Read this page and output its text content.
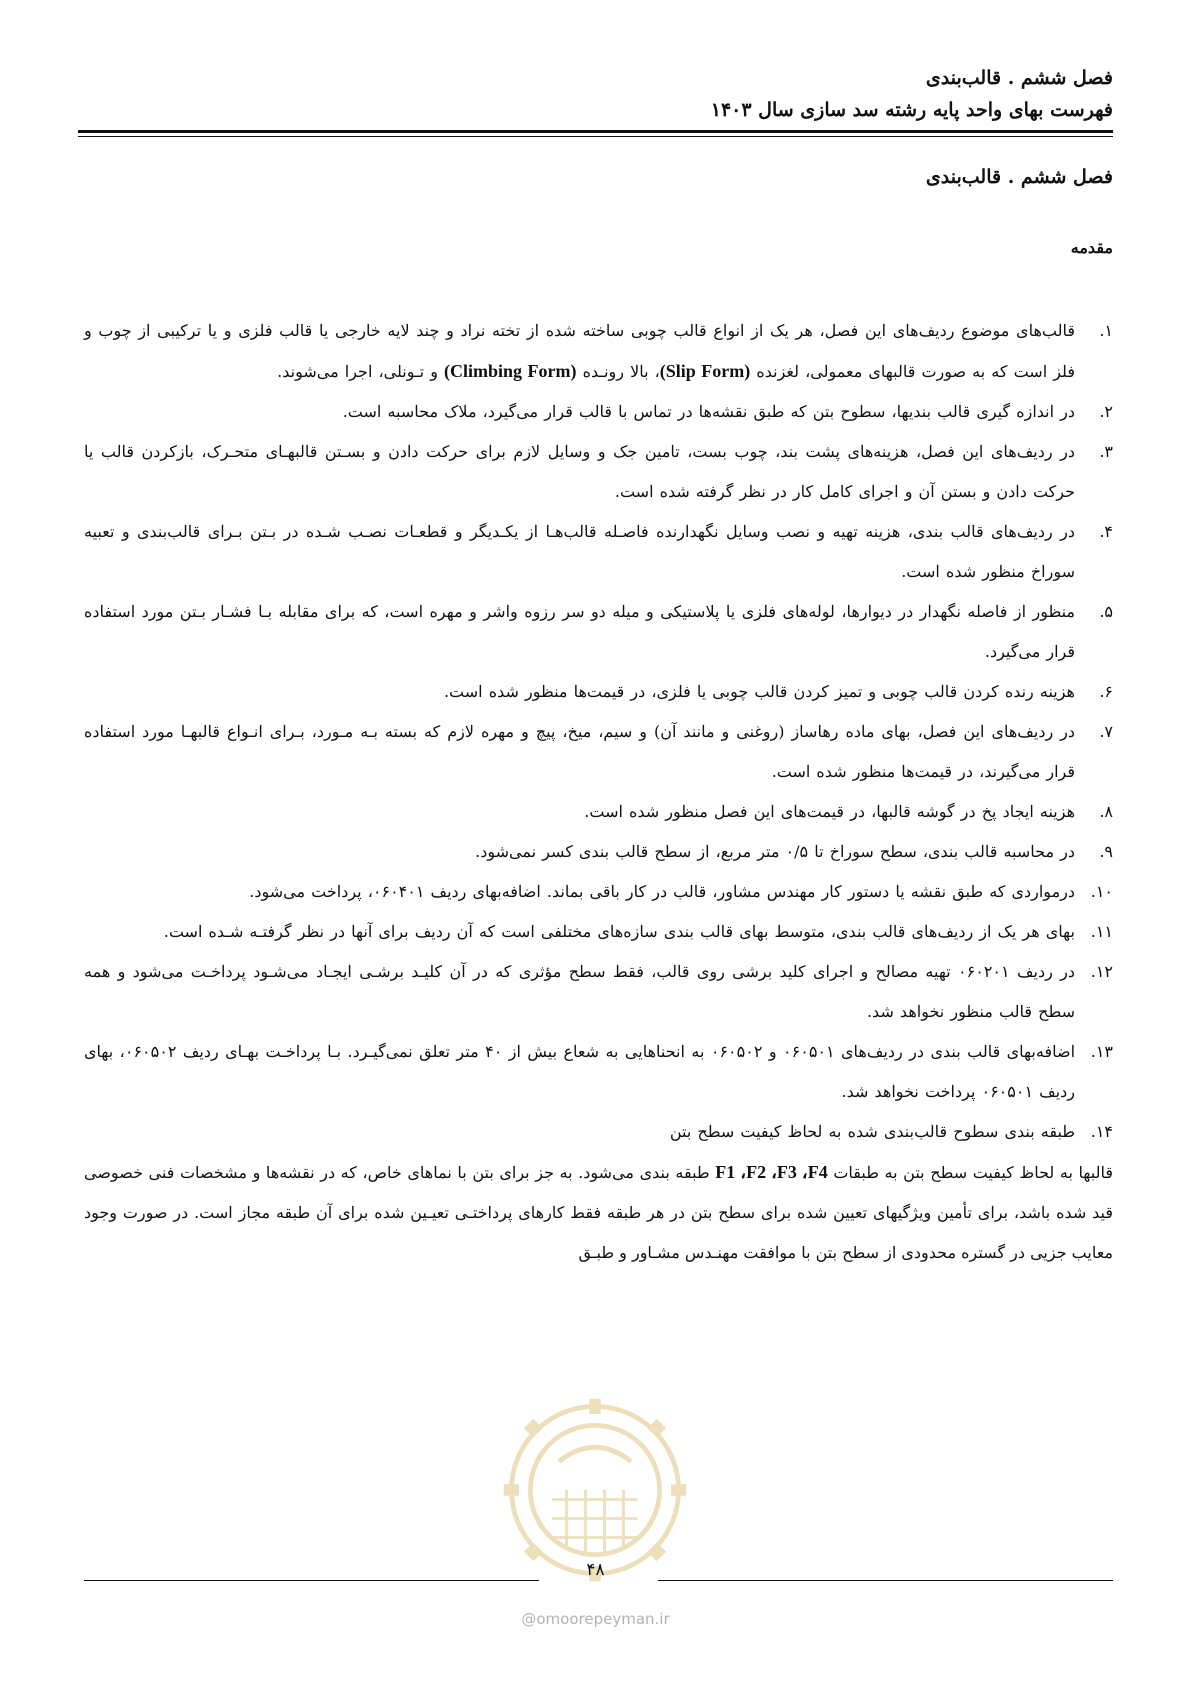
فصل ششم . قالب‌بندی
فهرست بهای واحد پایه رشته سد سازی سال ۱۴۰۳
فصل ششم . قالب‌بندی
مقدمه
۱.
قالب‌های موضوع ردیف‌های این فصل، هر یک از انواع قالب چوبی ساخته شده از تخته نراد و چند لایه خارجی یا قالب فلزی و یا ترکیبی از چوب و فلز است که به صورت قالبهای معمولی، لغزنده (Slip Form)، بالا رونـده (Climbing Form) و تـونلی، اجرا می‌شوند.
۲.
در اندازه گیری قالب بندیها، سطوح بتن که طبق نقشه‌ها در تماس با قالب قرار می‌گیرد، ملاک محاسبه است.
۳.
در ردیف‌های این فصل، هزینه‌های پشت بند، چوب بست، تامین جک و وسایل لازم برای حرکت دادن و بسـتن قالبهـای متحـرک، بازکردن قالب یا حرکت دادن و بستن آن و اجرای کامل کار در نظر گرفته شده است.
۴.
در ردیف‌های قالب بندی، هزینه تهیه و نصب وسایل نگهدارنده فاصـله قالب‌هـا از یکـدیگر و قطعـات نصـب شـده در بـتن بـرای قالب‌بندی و تعبیه سوراخ منظور شده است.
۵.
منظور از فاصله نگهدار در دیوارها، لوله‌های فلزی یا پلاستیکی و میله دو سر رزوه واشر و مهره است، که برای مقابله بـا فشـار بـتن مورد استفاده قرار می‌گیرد.
۶.
هزینه رنده کردن قالب چوبی و تمیز کردن قالب چوبی یا فلزی، در قیمت‌ها منظور شده است.
۷.
در ردیف‌های این فصل، بهای ماده رهاساز (روغنی و مانند آن) و سیم، میخ، پیچ و مهره لازم که بسته بـه مـورد، بـرای انـواع قالبهـا مورد استفاده قرار می‌گیرند، در قیمت‌ها منظور شده است.
۸.
هزینه ایجاد پخ در گوشه قالبها، در قیمت‌های این فصل منظور شده است.
۹.
در محاسبه قالب بندی، سطح سوراخ تا ۰/۵ متر مربع، از سطح قالب بندی کسر نمی‌شود.
۱۰.
درمواردی که طبق نقشه یا دستور کار مهندس مشاور، قالب در کار باقی بماند. اضافه‌بهای ردیف ۰۶۰۴۰۱، پرداخت می‌شود.
۱۱.
بهای هر یک از ردیف‌های قالب بندی، متوسط بهای قالب بندی سازه‌های مختلفی است که آن ردیف برای آنها در نظر گرفتـه شـده است.
۱۲.
در ردیف ۰۶۰۲۰۱ تهیه مصالح و اجرای کلید برشی روی قالب، فقط سطح مؤثری که در آن کلیـد برشـی ایجـاد می‌شـود پرداخـت می‌شود و همه سطح قالب منظور نخواهد شد.
۱۳.
اضافه‌بهای قالب بندی در ردیف‌های ۰۶۰۵۰۱ و ۰۶۰۵۰۲ به انحناهایی به شعاع بیش از ۴۰ متر تعلق نمی‌گیـرد. بـا پرداخـت بهـای ردیف ۰۶۰۵۰۲، بهای ردیف ۰۶۰۵۰۱ پرداخت نخواهد شد.
۱۴.
طبقه بندی سطوح قالب‌بندی شده به لحاظ کیفیت سطح بتن

قالبها به لحاظ کیفیت سطح بتن به طبقات F1 ،F2 ،F3 ،F4 طبقه بندی می‌شود. به جز برای بتن با نماهای خاص، که در نقشه‌ها و مشخصات فنی خصوصی قید شده باشد، برای تأمین ویژگیهای تعیین شده برای سطح بتن در هر طبقه فقط کارهای پرداختـی تعیـین شده برای آن طبقه مجاز است. در صورت وجود معایب جزیی در گستره محدودی از سطح بتن با موافقت مهنـدس مشـاور و طبـق

۴۸
@omoorepeyman.ir
